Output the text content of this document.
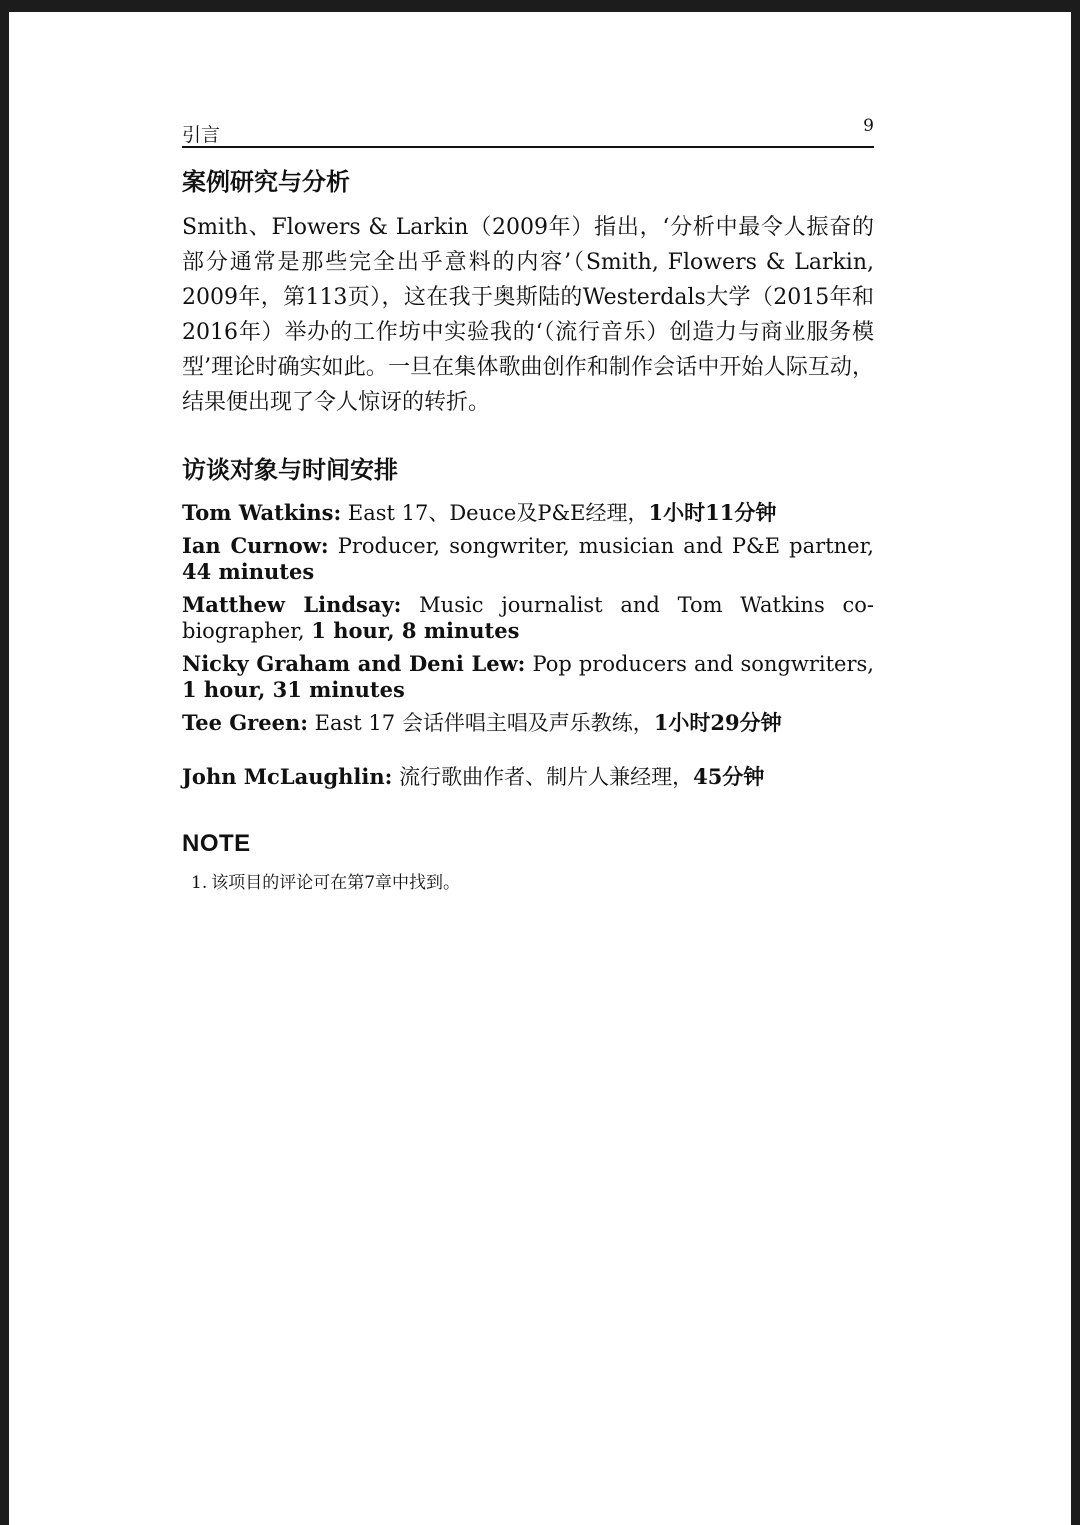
引言	9
案例研究与分析

Smith、Flowers & Larkin（2009年）指出，‘分析中最令人振奋的部分通常是那些完全出乎意料的内容’（Smith, Flowers & Larkin, 2009年，第113页），这在我于奥斯陆的Westerdals大学（2015年和2016年）举办的工作坊中实验我的‘（流行音乐）创造力与商业服务模型’理论时确实如此。一旦在集体歌曲创作和制作会话中开始人际互动，结果便出现了令人惊讶的转折。

访谈对象与时间安排

Tom Watkins: East 17、Deuce及P&E经理，1小时11分钟

Ian Curnow: Producer, songwriter, musician and P&E partner, 44 minutes

Matthew Lindsay: Music journalist and Tom Watkins co-biographer, 1 hour, 8 minutes

Nicky Graham and Deni Lew: Pop producers and songwriters, 1 hour, 31 minutes

Tee Green: East 17 会话伴唱主唱及声乐教练，1小时29分钟

John McLaughlin: 流行歌曲作者、制片人兼经理，45分钟

NOTE
1. 该项目的评论可在第7章中找到。
